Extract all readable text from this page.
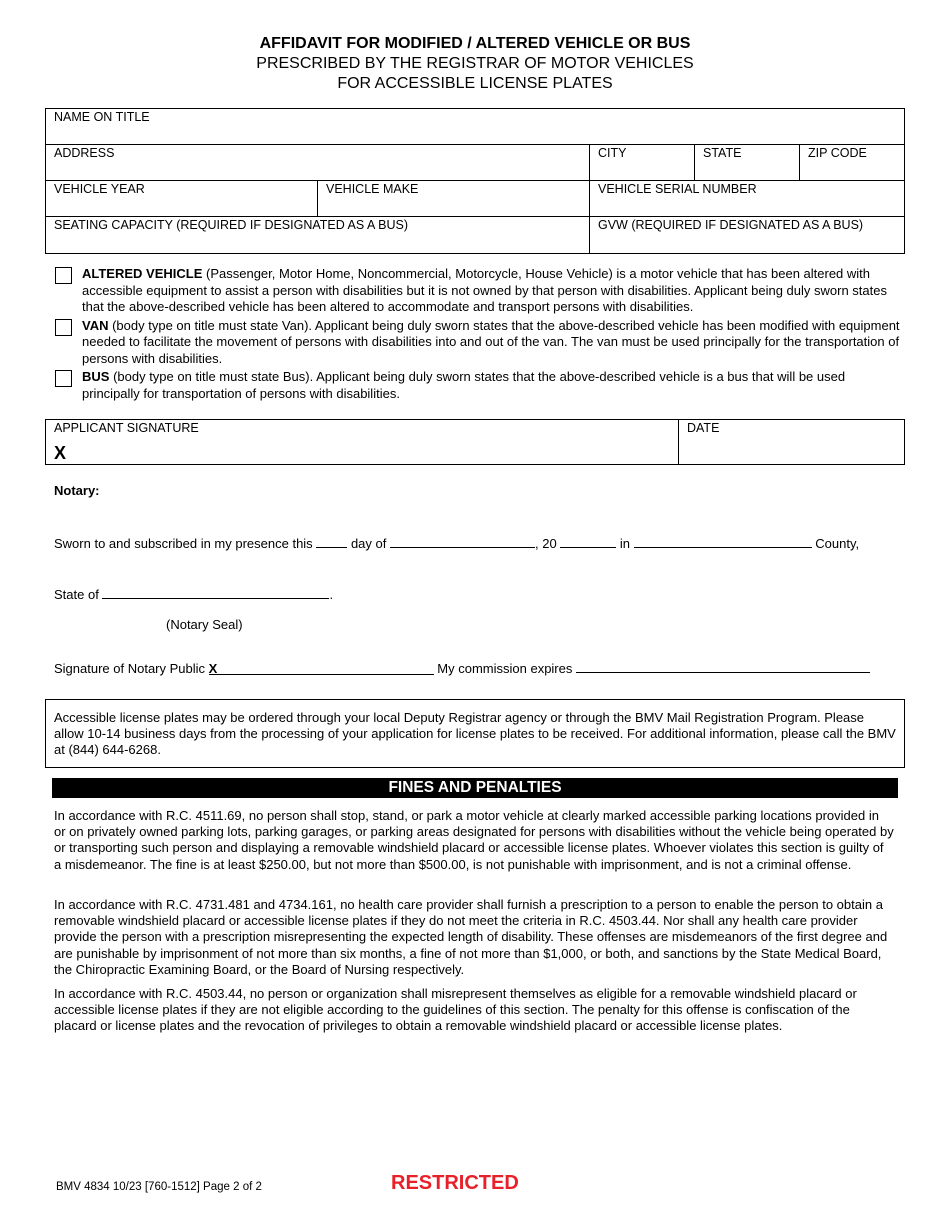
AFFIDAVIT FOR MODIFIED / ALTERED VEHICLE OR BUS
PRESCRIBED BY THE REGISTRAR OF MOTOR VEHICLES
FOR ACCESSIBLE LICENSE PLATES
NAME ON TITLE
ADDRESS	CITY	STATE	ZIP CODE
VEHICLE YEAR	VEHICLE MAKE	VEHICLE SERIAL NUMBER
SEATING CAPACITY (REQUIRED IF DESIGNATED AS A BUS)	GVW (REQUIRED IF DESIGNATED AS A BUS)
ALTERED VEHICLE (Passenger, Motor Home, Noncommercial, Motorcycle, House Vehicle) is a motor vehicle that has been altered with accessible equipment to assist a person with disabilities but it is not owned by that person with disabilities. Applicant being duly sworn states that the above-described vehicle has been altered to accommodate and transport persons with disabilities.
VAN (body type on title must state Van). Applicant being duly sworn states that the above-described vehicle has been modified with equipment needed to facilitate the movement of persons with disabilities into and out of the van. The van must be used principally for the transportation of persons with disabilities.
BUS (body type on title must state Bus). Applicant being duly sworn states that the above-described vehicle is a bus that will be used principally for transportation of persons with disabilities.
APPLICANT SIGNATURE
X
DATE
Notary:
Sworn to and subscribed in my presence this	day of	, 20	in	County,
State of	.
(Notary Seal)
Signature of Notary Public X	My commission expires
Accessible license plates may be ordered through your local Deputy Registrar agency or through the BMV Mail Registration Program. Please allow 10-14 business days from the processing of your application for license plates to be received. For additional information, please call the BMV at (844) 644-6268.
FINES AND PENALTIES
In accordance with R.C. 4511.69, no person shall stop, stand, or park a motor vehicle at clearly marked accessible parking locations provided in or on privately owned parking lots, parking garages, or parking areas designated for persons with disabilities without the vehicle being operated by or transporting such person and displaying a removable windshield placard or accessible license plates. Whoever violates this section is guilty of a misdemeanor. The fine is at least $250.00, but not more than $500.00, is not punishable with imprisonment, and is not a criminal offense.
In accordance with R.C. 4731.481 and 4734.161, no health care provider shall furnish a prescription to a person to enable the person to obtain a removable windshield placard or accessible license plates if they do not meet the criteria in R.C. 4503.44. Nor shall any health care provider provide the person with a prescription misrepresenting the expected length of disability. These offenses are misdemeanors of the first degree and are punishable by imprisonment of not more than six months, a fine of not more than $1,000, or both, and sanctions by the State Medical Board, the Chiropractic Examining Board, or the Board of Nursing respectively.
In accordance with R.C. 4503.44, no person or organization shall misrepresent themselves as eligible for a removable windshield placard or accessible license plates if they are not eligible according to the guidelines of this section. The penalty for this offense is confiscation of the placard or license plates and the revocation of privileges to obtain a removable windshield placard or accessible license plates.
BMV 4834 10/23 [760-1512] Page 2 of 2	RESTRICTED
